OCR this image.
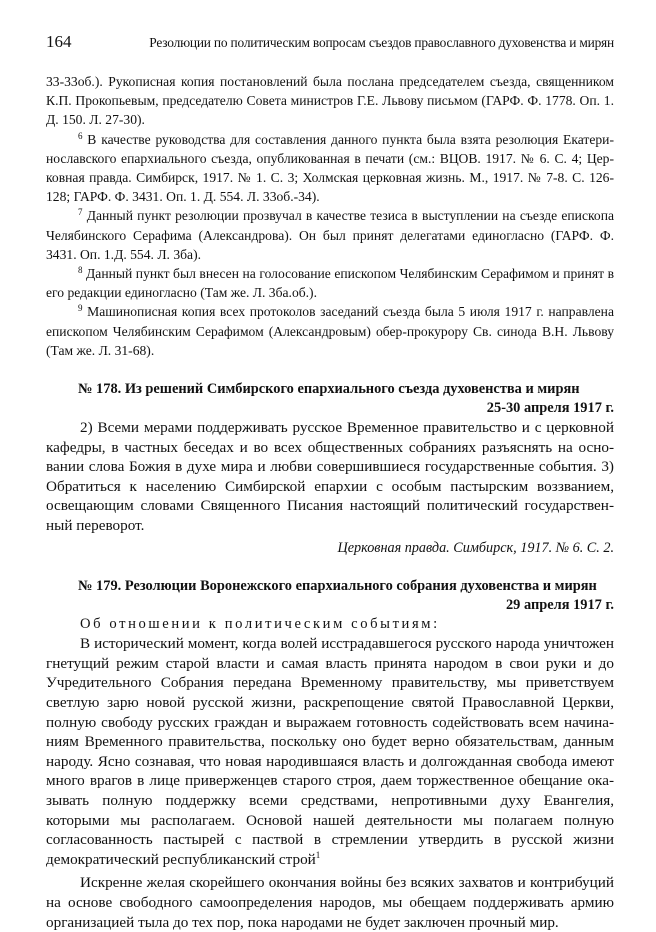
164	Резолюции по политическим вопросам съездов православного духовенства и мирян

33-33об.). Рукописная копия постановлений была послана председателем съезда, священником К.П. Прокопьевым, председателю Совета министров Г.Е. Львову письмом (ГАРФ. Ф. 1778. Оп. 1. Д. 150. Л. 27-30).

$^6$ В качестве руководства для составления данного пункта была взята резолюция Екатеринославского епархиального съезда, опубликованная в печати (см.: ВЦОВ. 1917. № 6. С. 4; Церковная правда. Симбирск, 1917. № 1. С. 3; Холмская церковная жизнь. М., 1917. № 7-8. С. 126-128; ГАРФ. Ф. 3431. Оп. 1. Д. 554. Л. 33об.-34).

$^7$ Данный пункт резолюции прозвучал в качестве тезиса в выступлении на съезде епископа Челябинского Серафима (Александрова). Он был принят делегатами единогласно (ГАРФ. Ф. 3431. Оп. 1.Д. 554. Л. 3ба).

$^8$ Данный пункт был внесен на голосование епископом Челябинским Серафимом и принят в его редакции единогласно (Там же. Л. 3ба.об.).

$^9$ Машинописная копия всех протоколов заседаний съезда была 5 июля 1917 г. направлена епископом Челябинским Серафимом (Александровым) обер-прокурору Св. синода В.Н. Львову (Там же. Л. 31-68).

№ 178. Из решений Симбирского епархиального съезда духовенства и мирян

25-30 апреля 1917 г.

2) Всеми мерами поддерживать русское Временное правительство и с церковной кафедры, в частных беседах и во всех общественных собраниях разъяснять на основании слова Божия в духе мира и любви совершившиеся государственные события. 3) Обратиться к населению Симбирской епархии с особым пастырским воззванием, освещающим словами Священного Писания настоящий политический государственный переворот.

Церковная правда. Симбирск, 1917. № 6. С. 2.

№ 179. Резолюции Воронежского епархиального собрания духовенства и мирян

29 апреля 1917 г.

Об отношении к политическим событиям:

В исторический момент, когда волей исстрадавшегося русского народа уничтожен гнетущий режим старой власти и самая власть принята народом в свои руки и до Учредительного Собрания передана Временному правительству, мы приветствуем светлую зарю новой русской жизни, раскрепощение святой Православной Церкви, полную свободу русских граждан и выражаем готовность содействовать всем начинаниям Временного правительства, поскольку оно будет верно обязательствам, данным народу. Ясно сознавая, что новая народившаяся власть и долгожданная свобода имеют много врагов в лице приверженцев старого строя, даем торжественное обещание оказывать полную поддержку всеми средствами, непротивными духу Евангелия, которыми мы располагаем. Основой нашей деятельности мы полагаем полную согласованность пастырей с паствой в стремлении утвердить в русской жизни демократический республиканский строй$^1$

Искренне желая скорейшего окончания войны без всяких захватов и контрибуций на основе свободного самоопределения народов, мы обещаем поддерживать армию организацией тыла до тех пор, пока народами не будет заключен прочный мир.
